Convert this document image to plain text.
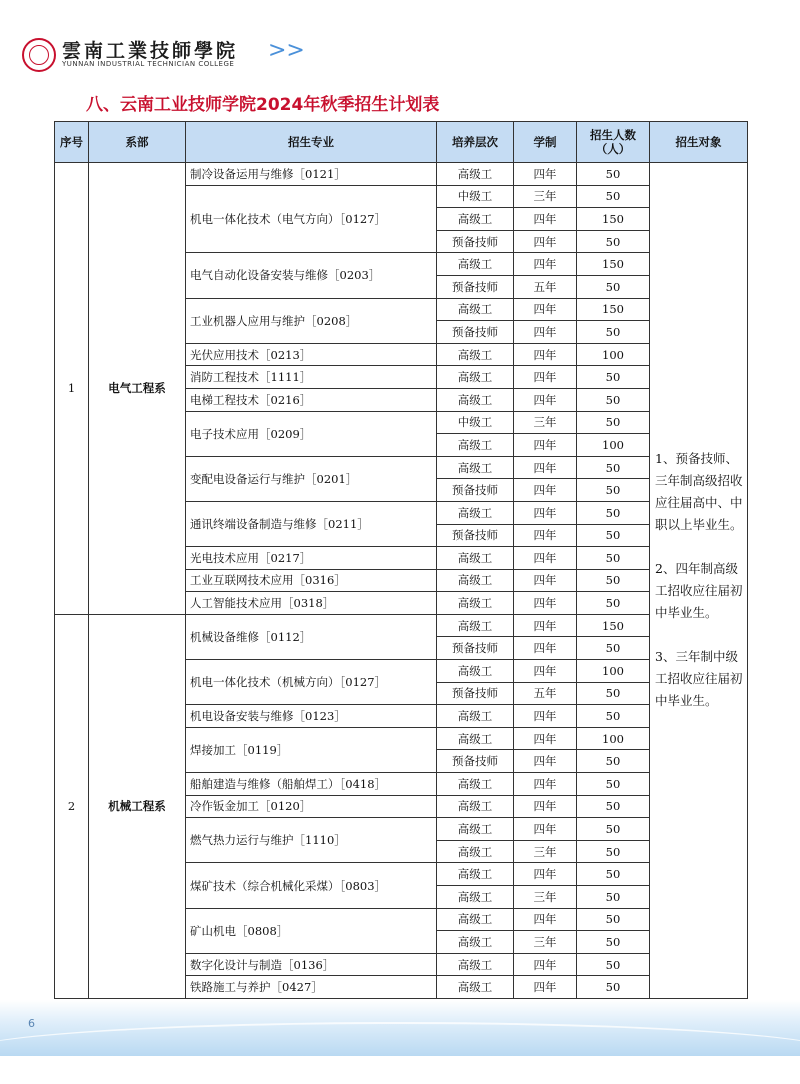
雲南工業技師學院
YUNNAN INDUSTRIAL TECHNICIAN COLLEGE
>>
八、云南工业技师学院2024年秋季招生计划表
序号	系部	招生专业	培养层次	学制	招生人数（人）	招生对象
1	电气工程系	制冷设备运用与维修［0121］	高级工	四年	50	1、预备技师、三年制高级招收应往届高中、中职以上毕业生。

2、四年制高级工招收应往届初中毕业生。

3、三年制中级工招收应往届初中毕业生。

		机电一体化技术（电气方向）［0127］	中级工	三年	50	
			高级工	四年	150	
			预备技师	四年	50	
		电气自动化设备安装与维修［0203］	高级工	四年	150	
			预备技师	五年	50	
		工业机器人应用与维护［0208］	高级工	四年	150	
			预备技师	四年	50	
		光伏应用技术［0213］	高级工	四年	100	
		消防工程技术［1111］	高级工	四年	50	
		电梯工程技术［0216］	高级工	四年	50	
		电子技术应用［0209］	中级工	三年	50	
			高级工	四年	100	
		变配电设备运行与维护［0201］	高级工	四年	50	
			预备技师	四年	50	
		通讯终端设备制造与维修［0211］	高级工	四年	50	
			预备技师	四年	50	
		光电技术应用［0217］	高级工	四年	50	
		工业互联网技术应用［0316］	高级工	四年	50	
		人工智能技术应用［0318］	高级工	四年	50	
2	机械工程系	机械设备维修［0112］	高级工	四年	150	
			预备技师	四年	50	
		机电一体化技术（机械方向）［0127］	高级工	四年	100	
			预备技师	五年	50	
		机电设备安装与维修［0123］	高级工	四年	50	
		焊接加工［0119］	高级工	四年	100	
			预备技师	四年	50	
		船舶建造与维修（船舶焊工）［0418］	高级工	四年	50	
		冷作钣金加工［0120］	高级工	四年	50	
		燃气热力运行与维护［1110］	高级工	四年	50	
			高级工	三年	50	
		煤矿技术（综合机械化采煤）［0803］	高级工	四年	50	
			高级工	三年	50	
		矿山机电［0808］	高级工	四年	50	
			高级工	三年	50	
		数字化设计与制造［0136］	高级工	四年	50	
		铁路施工与养护［0427］	高级工	四年	50	
6
